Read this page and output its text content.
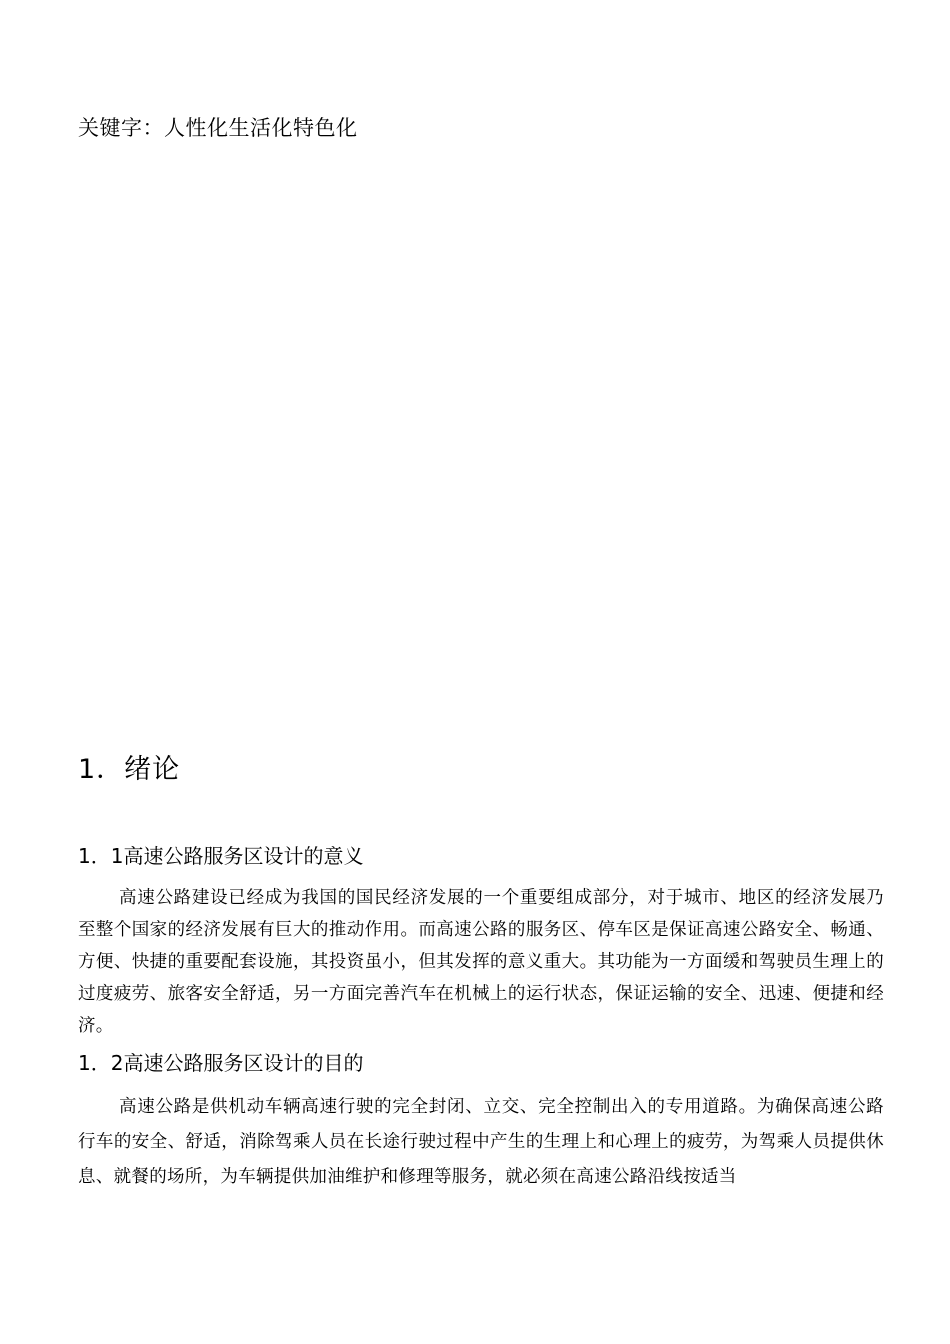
关键字：人性化生活化特色化
1．绪论
1．1高速公路服务区设计的意义

高速公路建设已经成为我国的国民经济发展的一个重要组成部分，对于城市、地区的经济发展乃至整个国家的经济发展有巨大的推动作用。而高速公路的服务区、停车区是保证高速公路安全、畅通、方便、快捷的重要配套设施，其投资虽小，但其发挥的意义重大。其功能为一方面缓和驾驶员生理上的过度疲劳、旅客安全舒适，另一方面完善汽车在机械上的运行状态，保证运输的安全、迅速、便捷和经济。

1．2高速公路服务区设计的目的

高速公路是供机动车辆高速行驶的完全封闭、立交、完全控制出入的专用道路。为确保高速公路行车的安全、舒适，消除驾乘人员在长途行驶过程中产生的生理上和心理上的疲劳，为驾乘人员提供休息、就餐的场所，为车辆提供加油维护和修理等服务，就必须在高速公路沿线按适当
